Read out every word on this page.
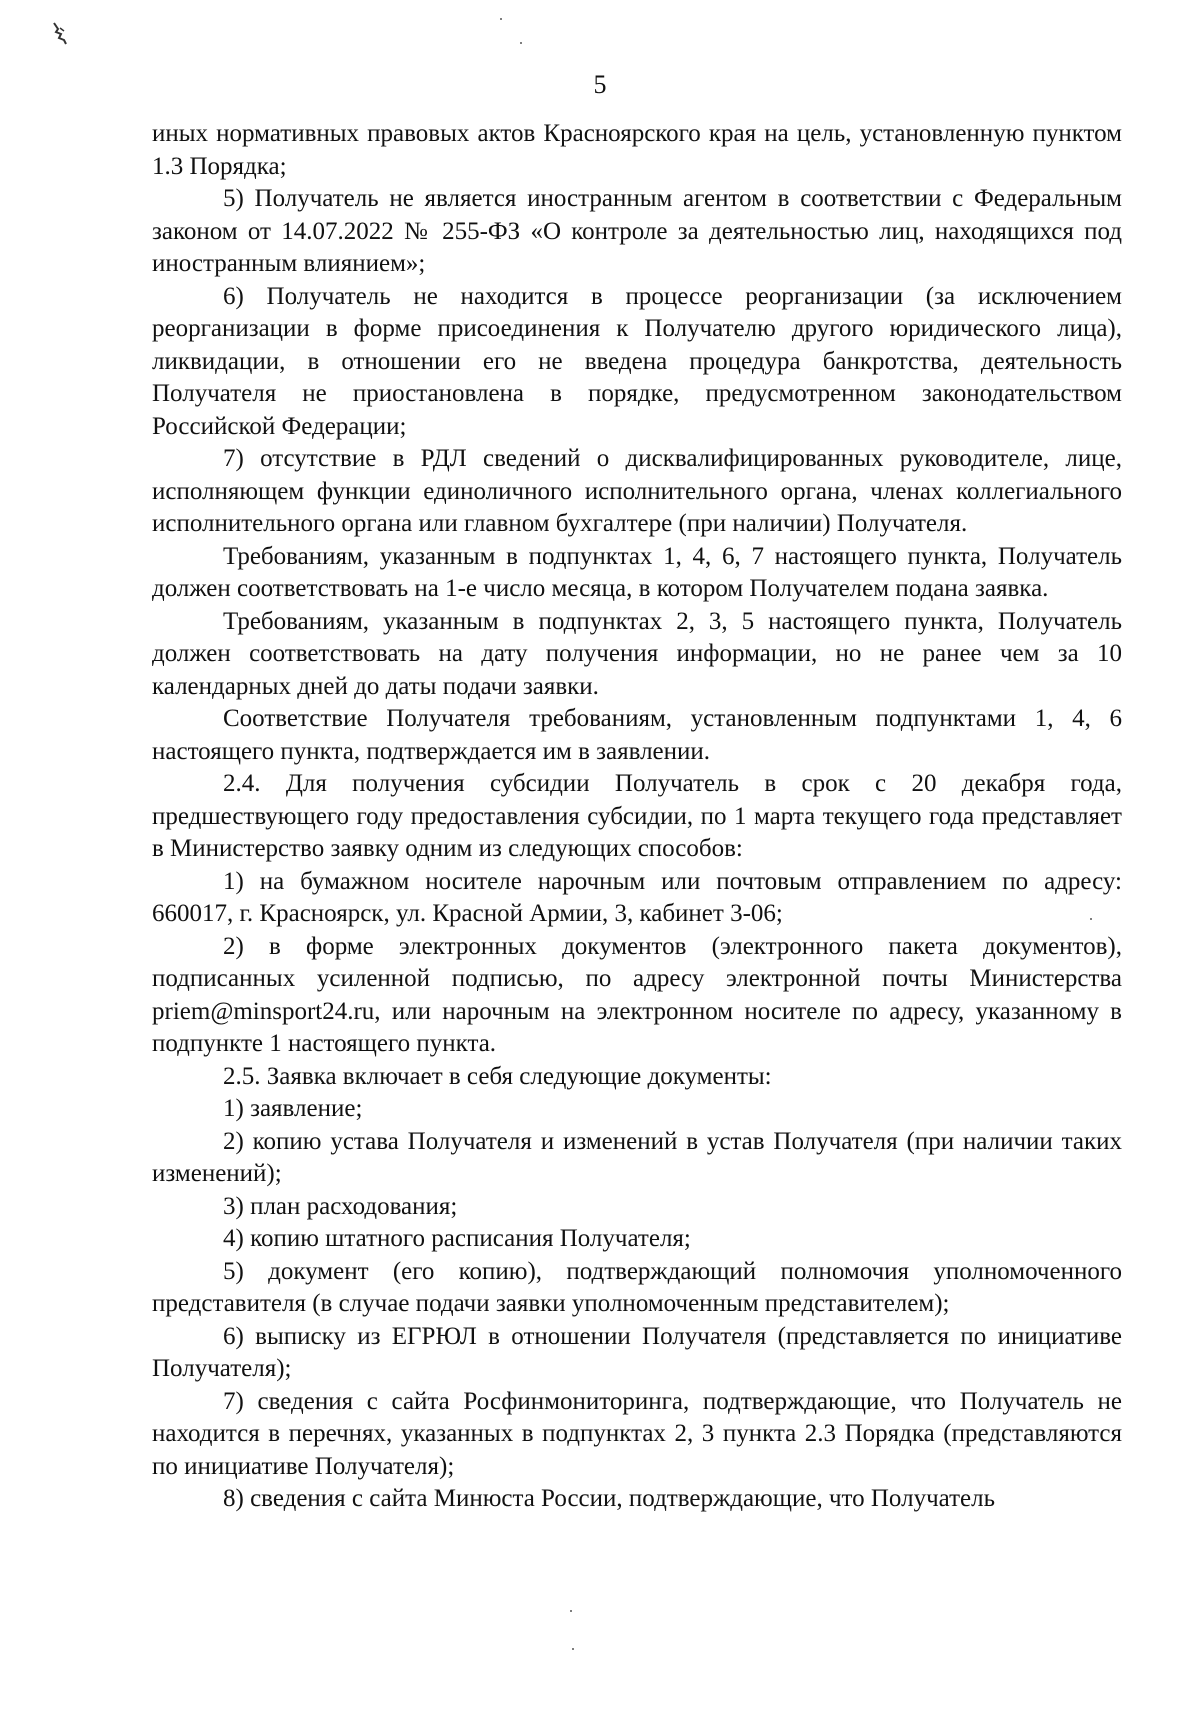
5

иных нормативных правовых актов Красноярского края на цель, установленную пунктом 1.3 Порядка;

5) Получатель не является иностранным агентом в соответствии с Федеральным законом от 14.07.2022 № 255-ФЗ «О контроле за деятельностью лиц, находящихся под иностранным влиянием»;

6) Получатель не находится в процессе реорганизации (за исключением реорганизации в форме присоединения к Получателю другого юридического лица), ликвидации, в отношении его не введена процедура банкротства, деятельность Получателя не приостановлена в порядке, предусмотренном законодательством Российской Федерации;

7) отсутствие в РДЛ сведений о дисквалифицированных руководителе, лице, исполняющем функции единоличного исполнительного органа, членах коллегиального исполнительного органа или главном бухгалтере (при наличии) Получателя.

Требованиям, указанным в подпунктах 1, 4, 6, 7 настоящего пункта, Получатель должен соответствовать на 1-е число месяца, в котором Получателем подана заявка.

Требованиям, указанным в подпунктах 2, 3, 5 настоящего пункта, Получатель должен соответствовать на дату получения информации, но не ранее чем за 10 календарных дней до даты подачи заявки.

Соответствие Получателя требованиям, установленным подпунктами 1, 4, 6 настоящего пункта, подтверждается им в заявлении.

2.4. Для получения субсидии Получатель в срок с 20 декабря года, предшествующего году предоставления субсидии, по 1 марта текущего года представляет в Министерство заявку одним из следующих способов:

1) на бумажном носителе нарочным или почтовым отправлением по адресу: 660017, г. Красноярск, ул. Красной Армии, 3, кабинет 3-06;

2) в форме электронных документов (электронного пакета документов), подписанных усиленной подписью, по адресу электронной почты Министерства priem@minsport24.ru, или нарочным на электронном носителе по адресу, указанному в подпункте 1 настоящего пункта.

2.5. Заявка включает в себя следующие документы:

1) заявление;

2) копию устава Получателя и изменений в устав Получателя (при наличии таких изменений);

3) план расходования;

4) копию штатного расписания Получателя;

5) документ (его копию), подтверждающий полномочия уполномоченного представителя (в случае подачи заявки уполномоченным представителем);

6) выписку из ЕГРЮЛ в отношении Получателя (представляется по инициативе Получателя);

7) сведения с сайта Росфинмониторинга, подтверждающие, что Получатель не находится в перечнях, указанных в подпунктах 2, 3 пункта 2.3 Порядка (представляются по инициативе Получателя);

8) сведения с сайта Минюста России, подтверждающие, что Получатель
